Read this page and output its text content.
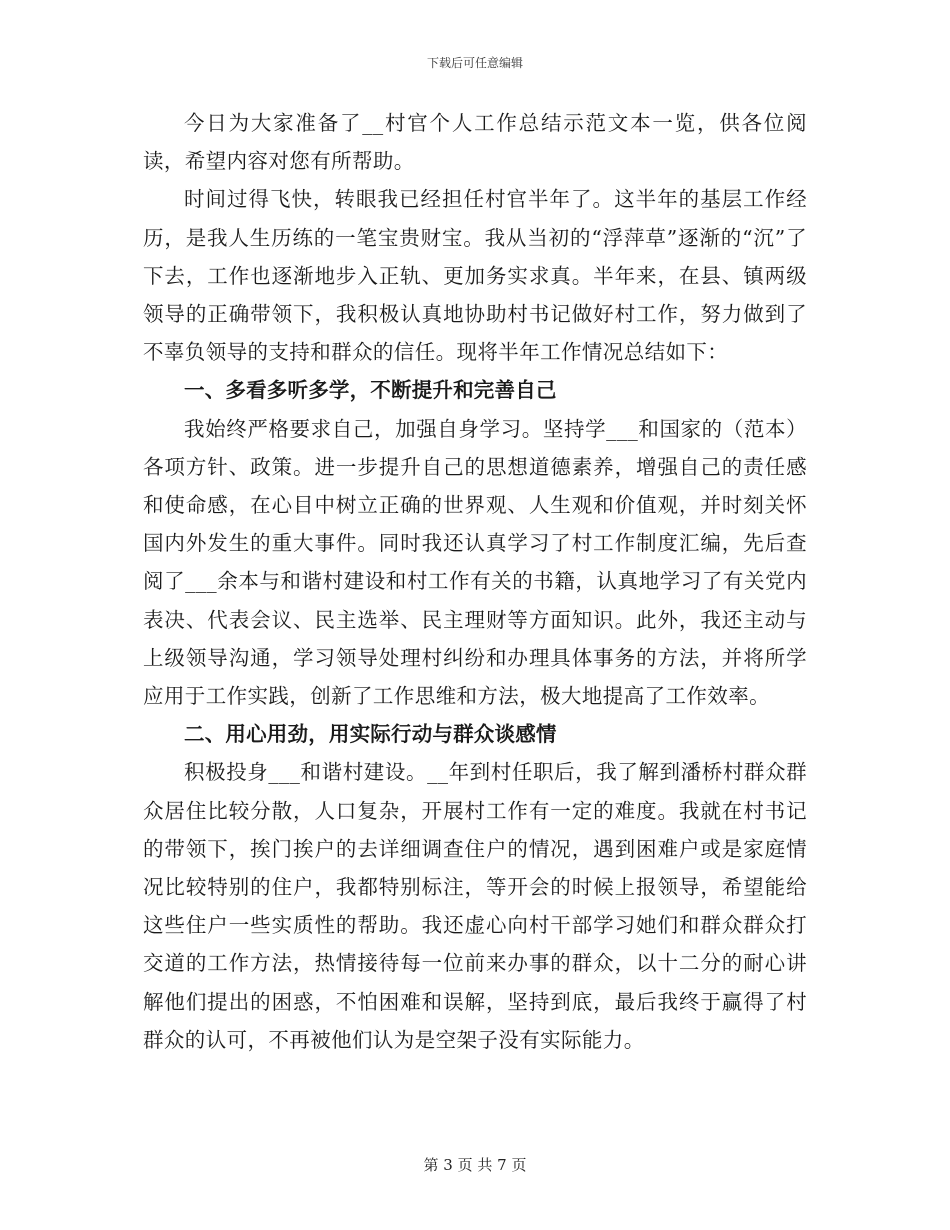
下载后可任意编辑

今日为大家准备了__村官个人工作总结示范文本一览，供各位阅读，希望内容对您有所帮助。

时间过得飞快，转眼我已经担任村官半年了。这半年的基层工作经历，是我人生历练的一笔宝贵财宝。我从当初的“浮萍草”逐渐的“沉”了下去，工作也逐渐地步入正轨、更加务实求真。半年来，在县、镇两级领导的正确带领下，我积极认真地协助村书记做好村工作，努力做到了不辜负领导的支持和群众的信任。现将半年工作情况总结如下：

一、多看多听多学，不断提升和完善自己

我始终严格要求自己，加强自身学习。坚持学___和国家的（范本）各项方针、政策。进一步提升自己的思想道德素养，增强自己的责任感和使命感，在心目中树立正确的世界观、人生观和价值观，并时刻关怀国内外发生的重大事件。同时我还认真学习了村工作制度汇编，先后查阅了___余本与和谐村建设和村工作有关的书籍，认真地学习了有关党内表决、代表会议、民主选举、民主理财等方面知识。此外，我还主动与上级领导沟通，学习领导处理村纠纷和办理具体事务的方法，并将所学应用于工作实践，创新了工作思维和方法，极大地提高了工作效率。

二、用心用劲，用实际行动与群众谈感情

积极投身___和谐村建设。__年到村任职后，我了解到潘桥村群众群众居住比较分散，人口复杂，开展村工作有一定的难度。我就在村书记的带领下，挨门挨户的去详细调查住户的情况，遇到困难户或是家庭情况比较特别的住户，我都特别标注，等开会的时候上报领导，希望能给这些住户一些实质性的帮助。我还虚心向村干部学习她们和群众群众打交道的工作方法，热情接待每一位前来办事的群众，以十二分的耐心讲解他们提出的困惑，不怕困难和误解，坚持到底，最后我终于赢得了村群众的认可，不再被他们认为是空架子没有实际能力。

第 3 页 共 7 页
